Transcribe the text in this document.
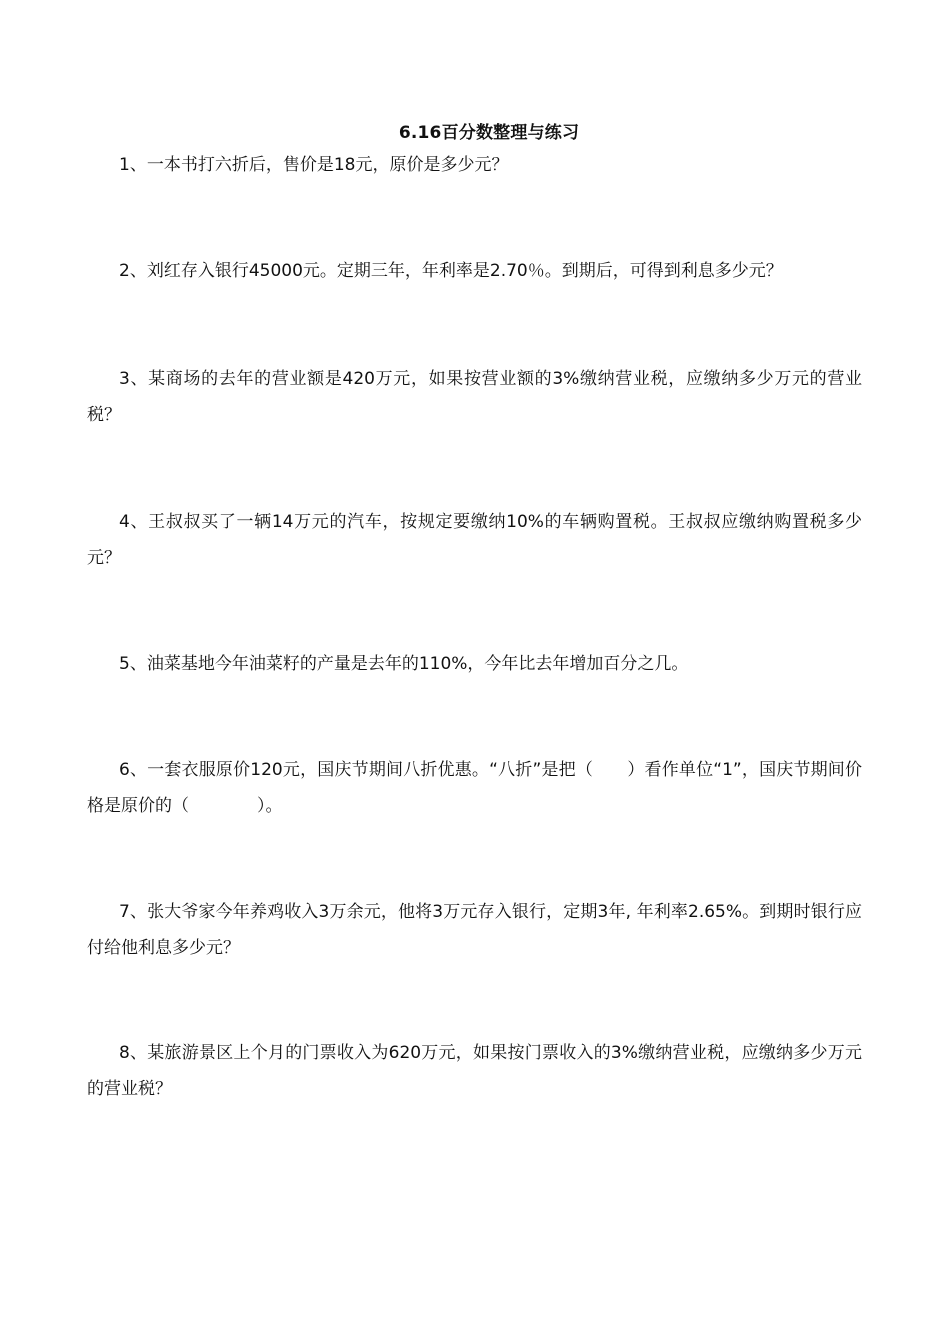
6.16百分数整理与练习

1、一本书打六折后，售价是18元，原价是多少元？

2、刘红存入银行45000元。定期三年，年利率是2.70％。到期后，可得到利息多少元？

3、某商场的去年的营业额是420万元，如果按营业额的3%缴纳营业税，应缴纳多少万元的营业税？

4、王叔叔买了一辆14万元的汽车，按规定要缴纳10%的车辆购置税。王叔叔应缴纳购置税多少元？

5、油菜基地今年油菜籽的产量是去年的110%，今年比去年增加百分之几。

6、一套衣服原价120元，国庆节期间八折优惠。“八折”是把（　　）看作单位“1”，国庆节期间价格是原价的（　　　　）。

7、张大爷家今年养鸡收入3万余元，他将3万元存入银行，定期3年, 年利率2.65%。到期时银行应付给他利息多少元？

8、某旅游景区上个月的门票收入为620万元，如果按门票收入的3%缴纳营业税，应缴纳多少万元的营业税？
